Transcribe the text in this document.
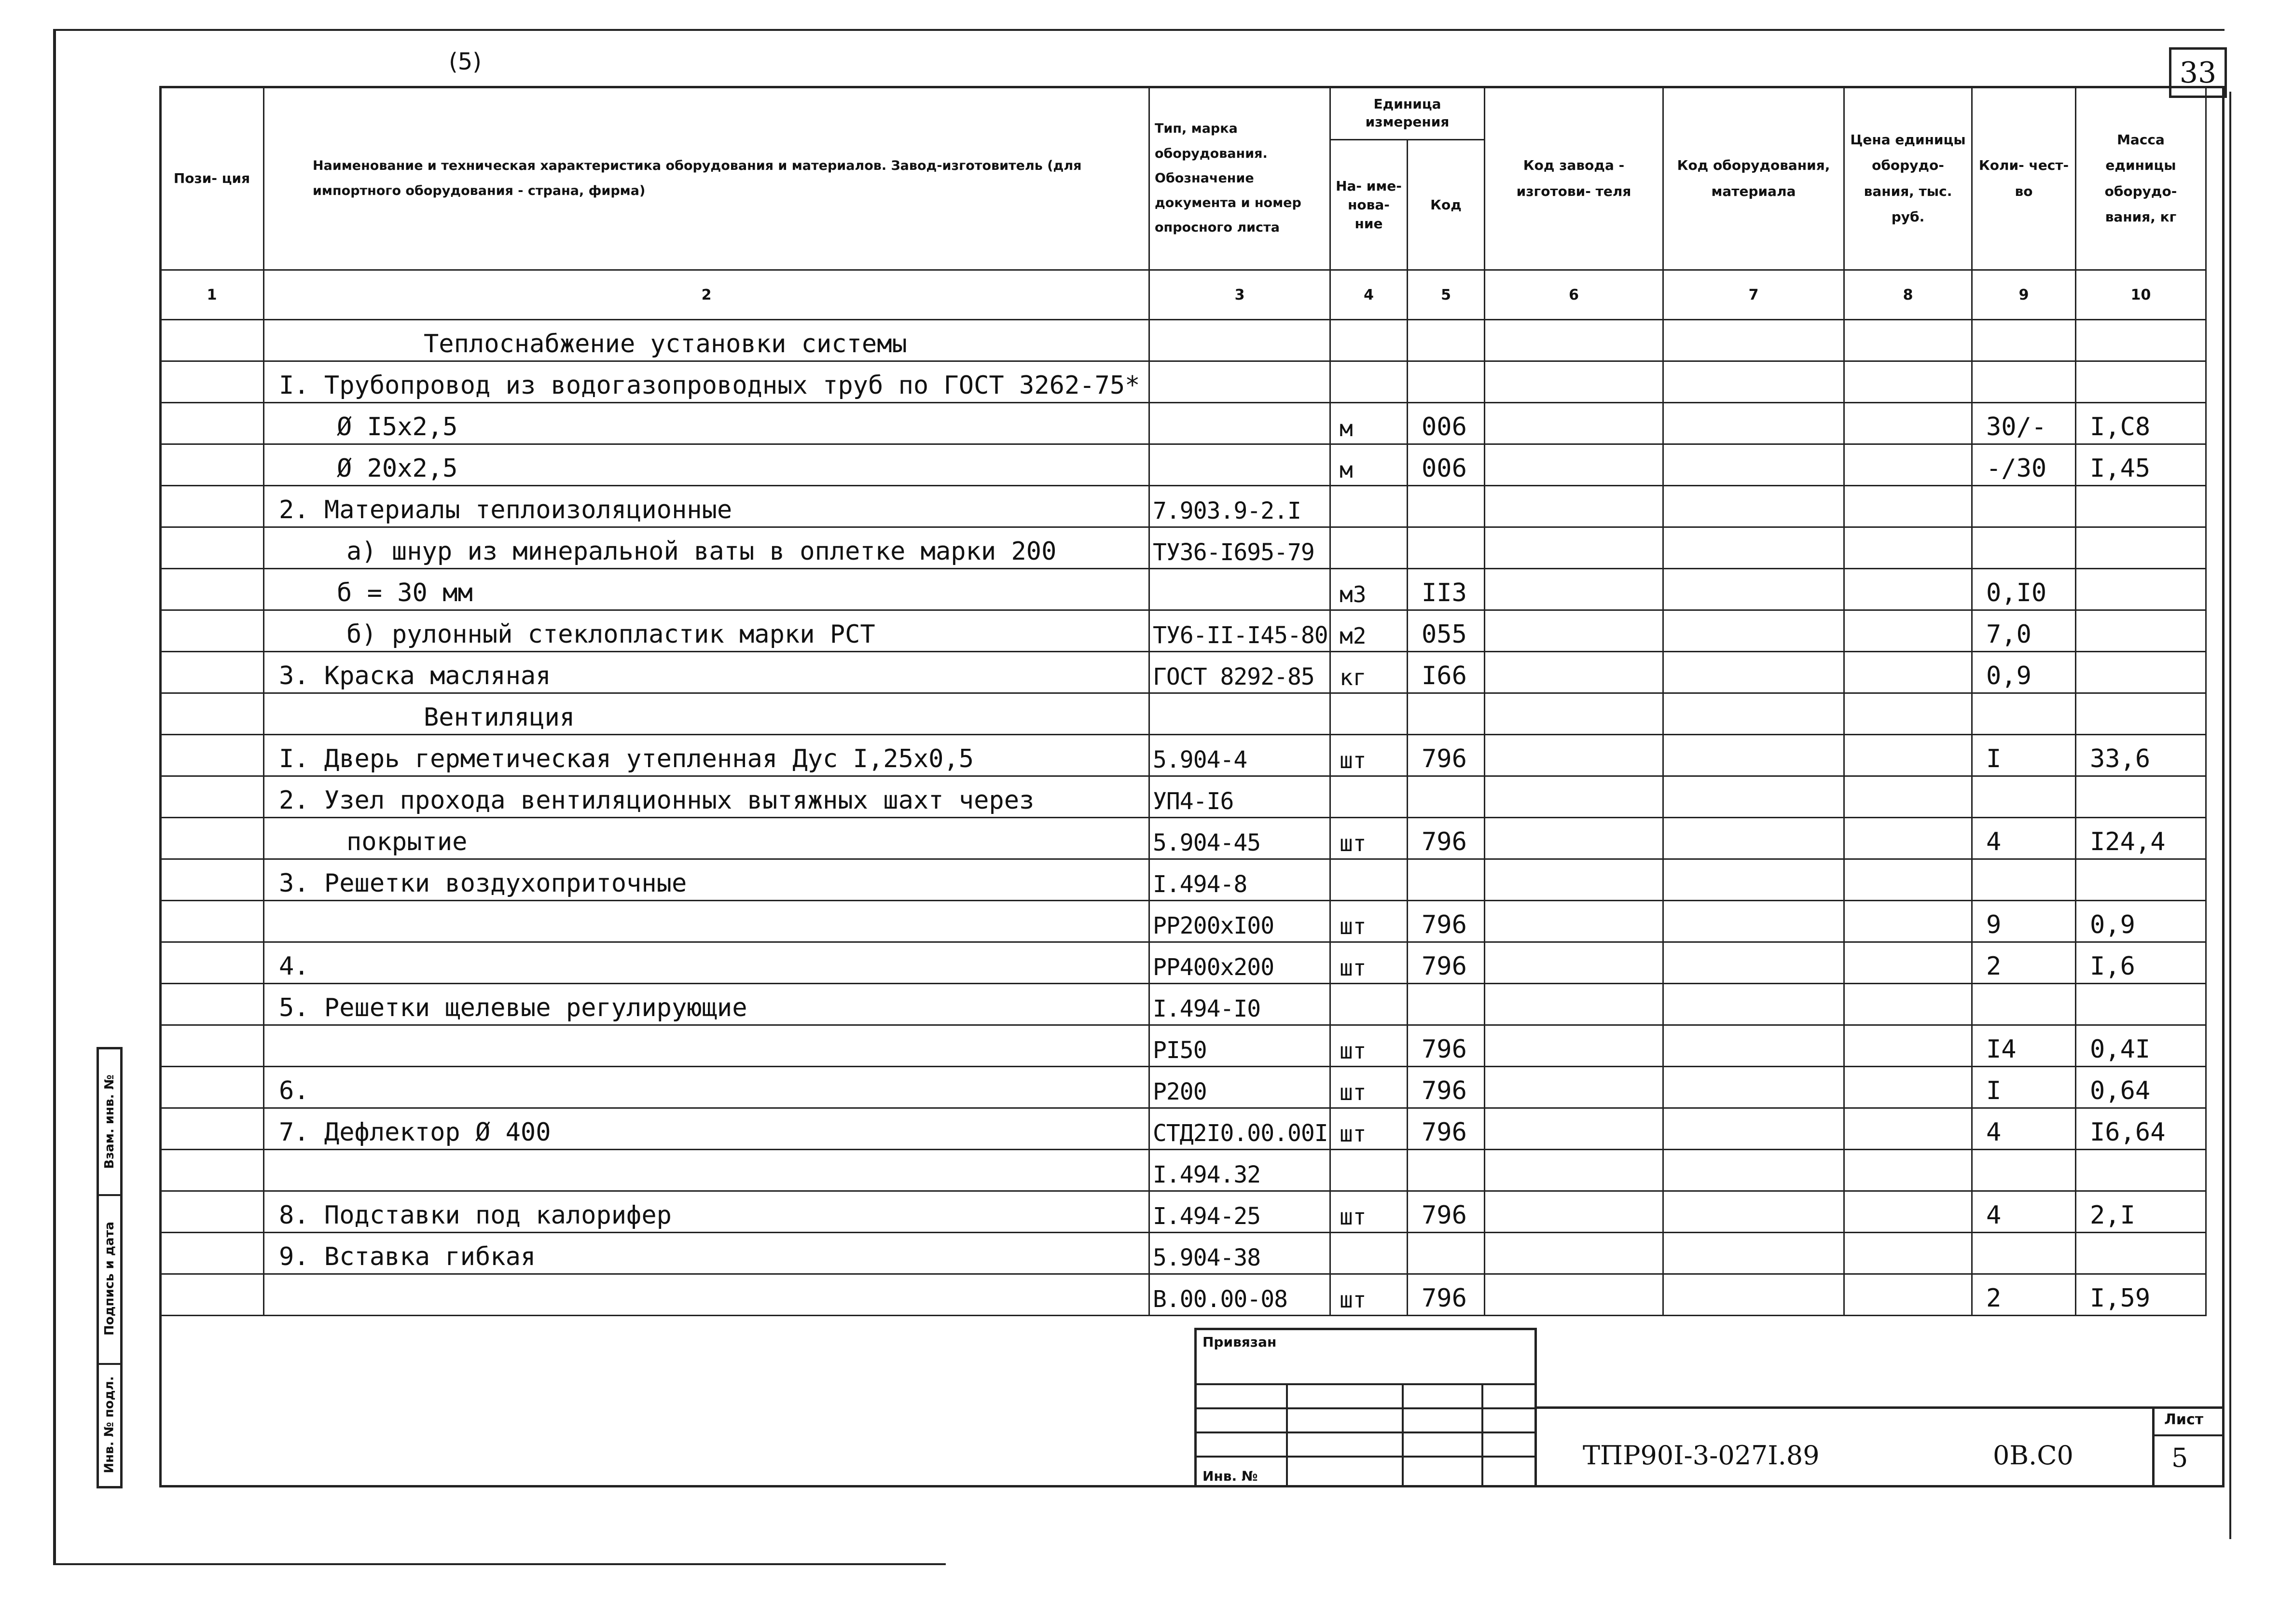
(5)	33
Пози- ция	Наименование и техническая характеристика оборудования и материалов. Завод-изготовитель (для импортного оборудования - страна, фирма)	Тип, марка оборудования. Обозначение документа и номер опросного листа	Единица измерения		Код завода - изготови- теля	Код оборудования, материала	Цена единицы оборудо- вания, тыс. руб.	Коли- чест- во	Масса единицы оборудо- вания, кг
			На- име- нова- ние	Код					
1	2	3	4	5	6	7	8	9	10
	Теплоснабжение установки системы								
	I. Трубопровод из водогазопроводных труб по ГОСТ 3262-75*								
	Ø I5x2,5		м	006				30/-	I,C8
	Ø 20x2,5		м	006				-/30	I,45
	2. Материалы теплоизоляционные	7.903.9-2.I							
	а) шнур из минеральной ваты в оплетке марки 200	ТУ36-I695-79							
	б = 30 мм		м3	II3				0,I0	
	б) рулонный стеклопластик марки РСТ	ТУ6-II-I45-80	м2	055				7,0	
	3. Краска масляная	ГОСТ 8292-85	кг	I66				0,9	
	Вентиляция								
	I. Дверь герметическая утепленная Дус I,25x0,5	5.904-4	шт	796				I	33,6
	2. Узел прохода вентиляционных вытяжных шахт через	УП4-I6							
	покрытие	5.904-45	шт	796				4	I24,4
	3. Решетки воздухоприточные	I.494-8							
		РР200xI00	шт	796				9	0,9
	4.	РР400x200	шт	796				2	I,6
	5. Решетки щелевые регулирующие	I.494-I0							
		РI50	шт	796				I4	0,4I
	6.	Р200	шт	796				I	0,64
	7. Дефлектор Ø 400	СТД2I0.00.00I	шт	796				4	I6,64
		I.494.32							
	8. Подставки под калорифер	I.494-25	шт	796				4	2,I
	9. Вставка гибкая	5.904-38							
		В.00.00-08	шт	796				2	I,59
Привязан
Инв. №
ТПР90I-3-027I.89	0В.С0
Лист
5
Взам. инв. №
Подпись и дата
Инв. № подл.
